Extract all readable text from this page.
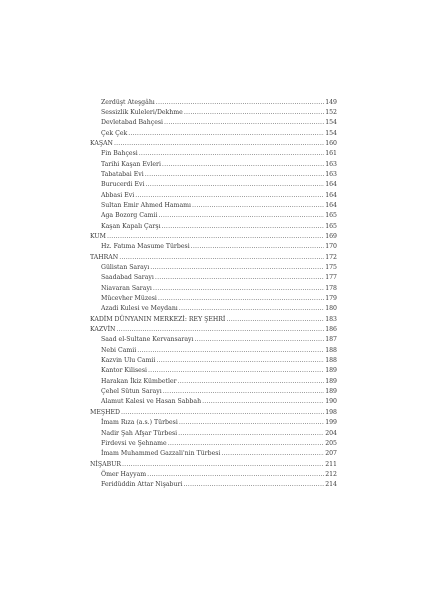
Zerdüşt Ateşgâhı .....	149
Sessizlik Kuleleri/Dekhme .....	152
Devletabad Bahçesi .....	154
Çek Çek .....	154
KAŞAN .....	160
Fin Bahçesi .....	161
Tarihi Kaşan Evleri .....	163
Tabatabai Evi .....	163
Burucerdi Evi .....	164
Abbasi Evi .....	164
Sultan Emir Ahmed Hamamı .....	164
Aga Bozorg Camii .....	165
Kaşan Kapalı Çarşı .....	165
KUM .....	169
Hz. Fatıma Masume Türbesi .....	170
TAHRAN .....	172
Gülistan Sarayı .....	175
Saadabad Sarayı .....	177
Niavaran Sarayı .....	178
Mücevher Müzesi .....	179
Azadi Kulesi ve Meydanı .....	180
KADİM DÜNYANIN MERKEZİ: REY ŞEHRİ .....	183
KAZVİN .....	186
Saad el-Sultane Kervansarayı .....	187
Nebi Camii .....	188
Kazvin Ulu Camii .....	188
Kantor Kilisesi .....	189
Harakan İkiz Kümbetler .....	189
Çehel Sütun Sarayı .....	189
Alamut Kalesi ve Hasan Sabbah .....	190
MEŞHED .....	198
İmam Rıza (a.s.) Türbesi .....	199
Nadir Şah Afşar Türbesi .....	204
Firdevsi ve Şehname .....	205
İmam Muhammed Gazzali'nin Türbesi .....	207
NİŞABUR .....	211
Ömer Hayyam .....	212
Feridüddin Attar Nişaburi .....	214
